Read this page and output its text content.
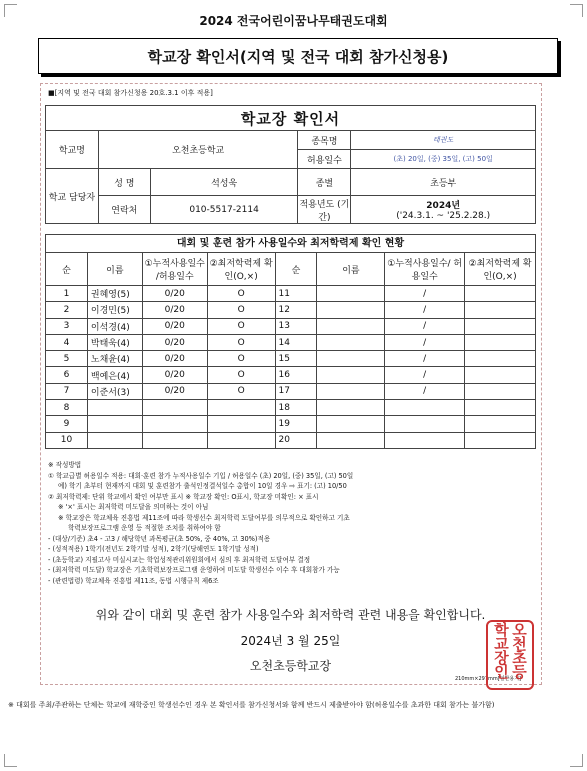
2024 전국어린이꿈나무태권도대회
학교장 확인서(지역 및 전국 대회 참가신청용)
■[지역 및 전국 대회 참가신청용 20호.3.1 이후 적용]
학교장 확인서				
학교명	오천초등학교		종목명	태권도
			허용일수	(초) 20일, (중) 35일, (고) 50일
학교 담당자	성 명	석성욱	종별	초등부
	연락처	010-5517-2114	적용년도 (기간)	2024년
('24.3.1. ~ '25.2.28.)
대회 및 훈련 참가 사용일수와 최저학력제 확인 현황
순	이름	①누적사용일수 /허용일수	②최저학력제 확인(O,×)	순	이름	①누적사용일수/ 허용일수	②최저학력제 확인(O,×)
1	권혜영(5)	0/20	O	11		/	
2	이경민(5)	0/20	O	12		/	
3	이석경(4)	0/20	O	13		/	
4	박태욱(4)	0/20	O	14		/	
5	노채윤(4)	0/20	O	15		/	
6	백예은(4)	0/20	O	16		/	
7	이준서(3)	0/20	O	17		/	
8				18			
9				19			
10				20			
※ 작성방법
① 학교급별 허용일수 적용: 대회·훈련 참가 누적사용일수 기입 / 허용일수 (초) 20일, (중) 35일, (고) 50일
예) 학기 초부터 현재까지 대회 및 훈련참가 출석인정결석일수 총합이 10일 경우 ⇨ 표기: (고) 10/50
② 최저학력제: 단위 학교에서 확인 여부만 표시 ※ 학교장 확인: O표시, 학교장 미확인: × 표시
※ '×' 표시는 최저학력 미도달을 의미하는 것이 아님
※ 학교장은 학교체육 진흥법 제11조에 따라 학생선수 최저학력 도달여부를 의무적으로 확인하고 기초
학력보장프로그램 운영 등 적절한 조치를 취하여야 함
- (대상/기준) 초4 - 고3 / 해당학년 과목평균(초 50%, 중 40%, 고 30%)적용
- (성적적용) 1학기(전년도 2학기말 성적), 2학기(당해연도 1학기말 성적)
- (초등학교) 지필고사 미실시교는 학업성적관리위원회에서 심의 후 최저학력 도달여부 결정
- (최저학력 미도달) 학교장은 기초학력보장프로그램 운영하여 미도달 학생선수 이수 후 대회참가 가능
- (관련법령) 학교체육 진흥법 제11조, 동법 시행규칙 제6조
위와 같이 대회 및 훈련 참가 사용일수와 최저학력 관련 내용을 확인합니다.
2024년 3 월 25일
오천초등학교장
210mm×297mm[일반용지]
오천초등학교장인
※ 대회를 주최/주관하는 단체는 학교에 재학중인 학생선수인 경우 본 확인서를 참가신청서와 함께 반드시 제출받아야 함(허용일수를 초과한 대회 참가는 불가함)
